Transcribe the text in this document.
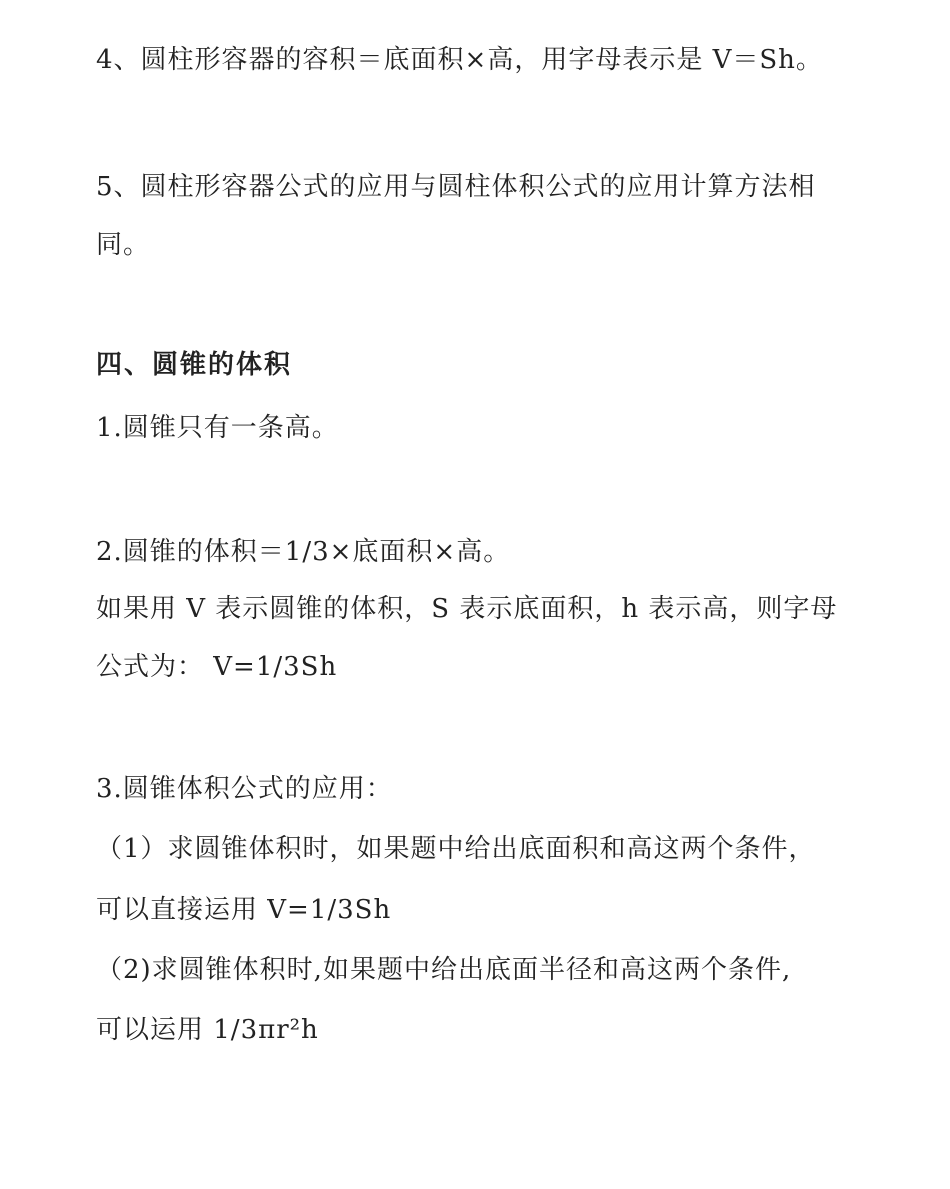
4、圆柱形容器的容积＝底面积×高，用字母表示是 V＝Sh。
5、圆柱形容器公式的应用与圆柱体积公式的应用计算方法相
同。
四、圆锥的体积
1.圆锥只有一条高。
2.圆锥的体积＝1/3×底面积×高。
如果用 V 表示圆锥的体积，S 表示底面积，h 表示高，则字母
公式为： V=1/3Sh
3.圆锥体积公式的应用：
（1）求圆锥体积时，如果题中给出底面积和高这两个条件，
可以直接运用 V=1/3Sh
（2)求圆锥体积时,如果题中给出底面半径和高这两个条件,
可以运用 1/3πr²h
